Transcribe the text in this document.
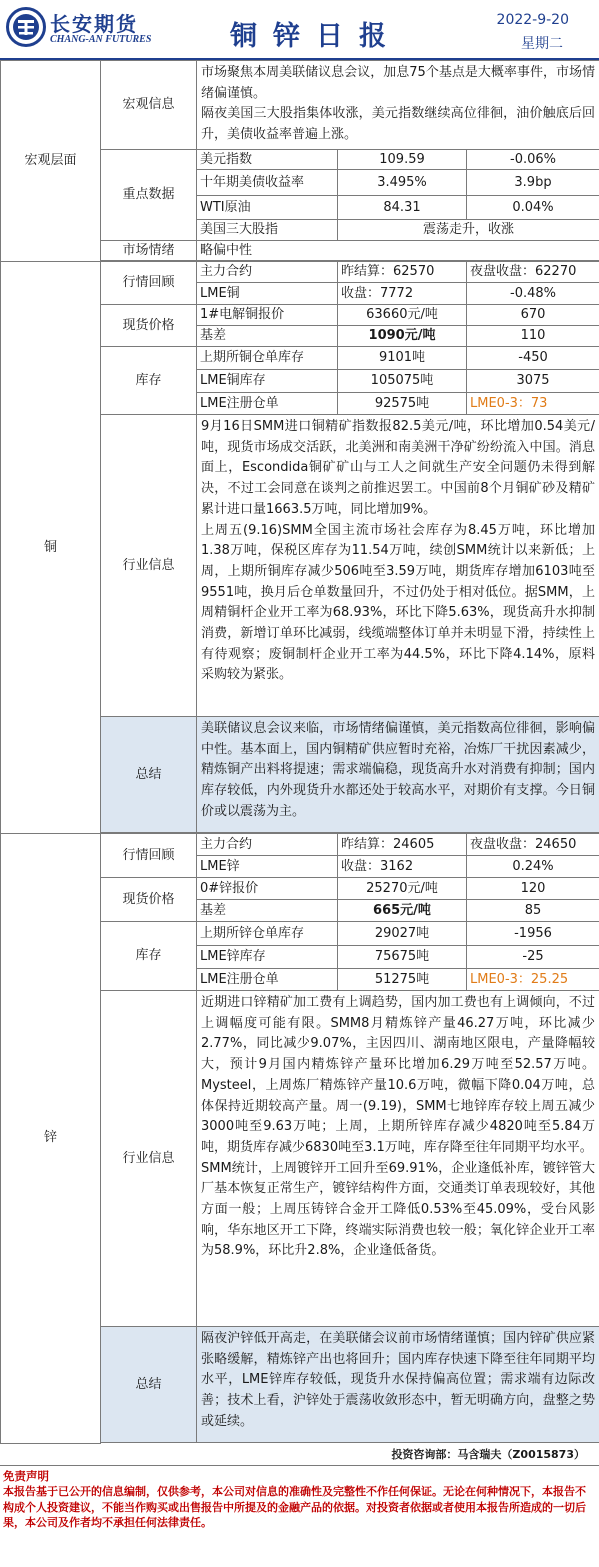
长安期货
CHANG-AN FUTURES	铜锌日报
2022-9-20
星期二
宏观层面	宏观信息	市场聚焦本周美联储议息会议，加息75个基点是大概率事件，市场情绪偏谨慎。
隔夜美国三大股指集体收涨，美元指数继续高位徘徊，油价触底后回升，美债收益率普遍上涨。		
	重点数据	美元指数	109.59	-0.06%
		十年期美债收益率	3.495%	3.9bp
		WTI原油	84.31	0.04%
		美国三大股指	震荡走升，收涨	
	市场情绪	略偏中性		

铜	行情回顾	主力合约	昨结算：62570	夜盘收盘：62270
		LME铜	收盘：7772	-0.48%
	现货价格	1#电解铜报价	63660元/吨	670
		基差	1090元/吨	110
	库存	上期所铜仓单库存	9101吨	-450
		LME铜库存	105075吨	3075
		LME注册仓单	92575吨	LME0-3：73
	行业信息	9月16日SMM进口铜精矿指数报82.5美元/吨，环比增加0.54美元/吨，现货市场成交活跃，北美洲和南美洲干净矿纷纷流入中国。消息面上，Escondida铜矿矿山与工人之间就生产安全问题仍未得到解决，不过工会同意在谈判之前推迟罢工。中国前8个月铜矿砂及精矿累计进口量1663.5万吨，同比增加9%。
上周五(9.16)SMM全国主流市场社会库存为8.45万吨，环比增加1.38万吨，保税区库存为11.54万吨，续创SMM统计以来新低；上周，上期所铜库存减少506吨至3.59万吨，期货库存增加6103吨至9551吨，换月后仓单数量回升，不过仍处于相对低位。据SMM，上周精铜杆企业开工率为68.93%，环比下降5.63%，现货高升水抑制消费，新增订单环比减弱，线缆端整体订单并未明显下滑，持续性上有待观察；废铜制杆企业开工率为44.5%，环比下降4.14%，原料采购较为紧张。		
	总结	美联储议息会议来临，市场情绪偏谨慎，美元指数高位徘徊，影响偏中性。基本面上，国内铜精矿供应暂时充裕，冶炼厂干扰因素减少，精炼铜产出料将提速；需求端偏稳，现货高升水对消费有抑制；国内库存较低，内外现货升水都还处于较高水平，对期价有支撑。今日铜价或以震荡为主。		

锌	行情回顾	主力合约	昨结算：24605	夜盘收盘：24650
		LME锌	收盘：3162	0.24%
	现货价格	0#锌报价	25270元/吨	120
		基差	665元/吨	85
	库存	上期所锌仓单库存	29027吨	-1956
		LME锌库存	75675吨	-25
		LME注册仓单	51275吨	LME0-3：25.25
	行业信息	近期进口锌精矿加工费有上调趋势，国内加工费也有上调倾向，不过上调幅度可能有限。SMM8月精炼锌产量46.27万吨，环比减少2.77%，同比减少9.07%，主因四川、湖南地区限电，产量降幅较大，预计9月国内精炼锌产量环比增加6.29万吨至52.57万吨。Mysteel，上周炼厂精炼锌产量10.6万吨，微幅下降0.04万吨，总体保持近期较高产量。周一(9.19)，SMM七地锌库存较上周五减少3000吨至9.63万吨；上周，上期所锌库存减少4820吨至5.84万吨，期货库存减少6830吨至3.1万吨，库存降至往年同期平均水平。
SMM统计，上周镀锌开工回升至69.91%，企业逢低补库，镀锌管大厂基本恢复正常生产，镀锌结构件方面，交通类订单表现较好，其他方面一般；上周压铸锌合金开工降低0.53%至45.09%，受台风影响，华东地区开工下降，终端实际消费也较一般；氧化锌企业开工率为58.9%，环比升2.8%，企业逢低备货。		
	总结	隔夜沪锌低开高走，在美联储会议前市场情绪谨慎；国内锌矿供应紧张略缓解，精炼锌产出也将回升；国内库存快速下降至往年同期平均水平，LME锌库存较低，现货升水保持偏高位置；需求端有边际改善；技术上看，沪锌处于震荡收敛形态中，暂无明确方向，盘整之势或延续。		

投资咨询部：马含瑞夫（Z0015873）
免责声明
本报告基于已公开的信息编制，仅供参考，本公司对信息的准确性及完整性不作任何保证。无论在何种情况下，本报告不构成个人投资建议，不能当作购买或出售报告中所提及的金融产品的依据。对投资者依据或者使用本报告所造成的一切后果，本公司及作者均不承担任何法律责任。
